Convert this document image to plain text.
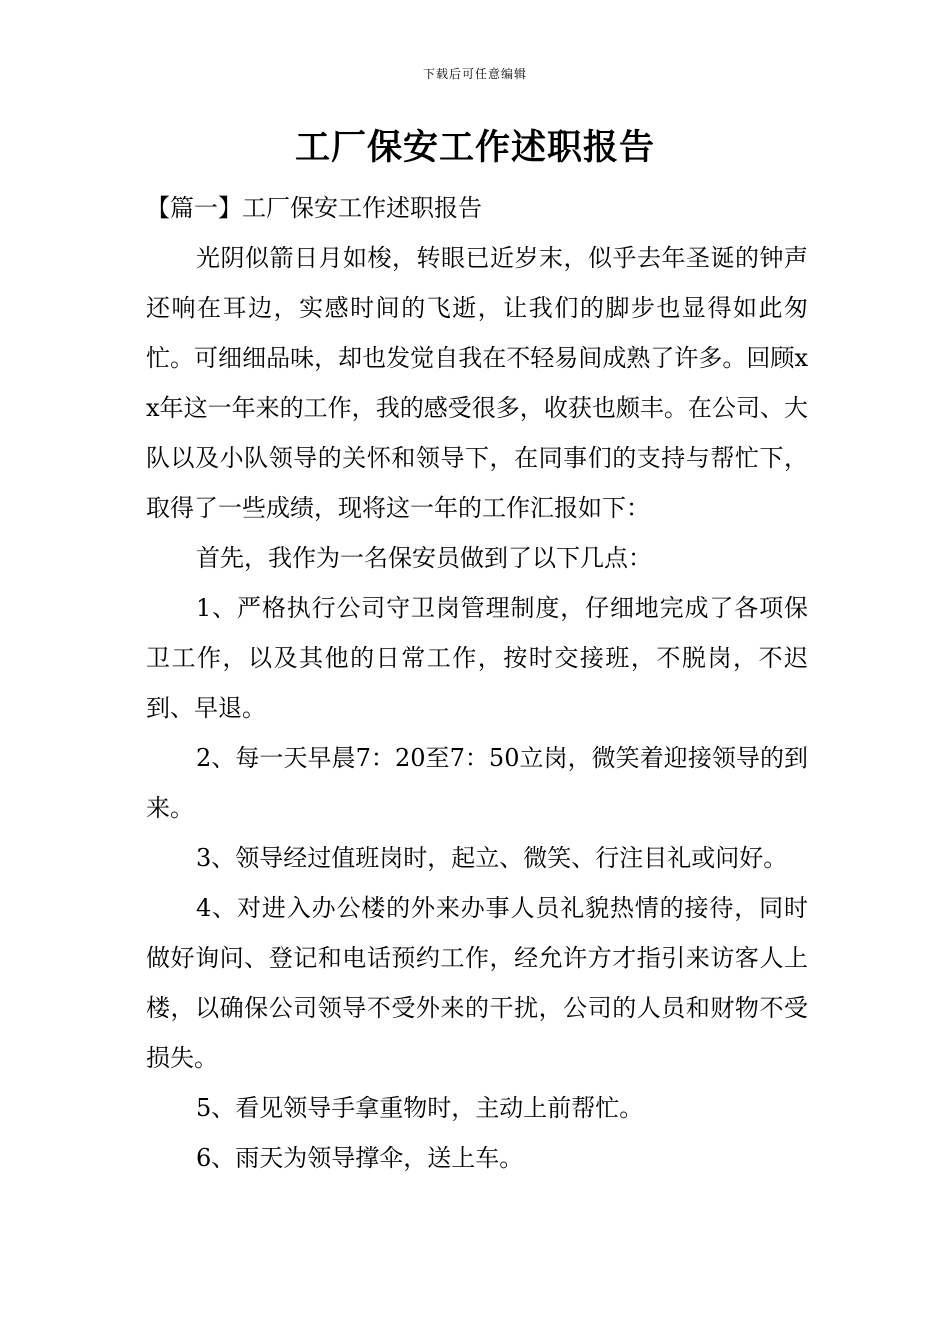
下载后可任意编辑
工厂保安工作述职报告

【篇一】工厂保安工作述职报告

光阴似箭日月如梭，转眼已近岁末，似乎去年圣诞的钟声还响在耳边，实感时间的飞逝，让我们的脚步也显得如此匆忙。可细细品味，却也发觉自我在不轻易间成熟了许多。回顾xx年这一年来的工作，我的感受很多，收获也颇丰。在公司、大队以及小队领导的关怀和领导下，在同事们的支持与帮忙下，取得了一些成绩，现将这一年的工作汇报如下：

首先，我作为一名保安员做到了以下几点：

1、严格执行公司守卫岗管理制度，仔细地完成了各项保卫工作，以及其他的日常工作，按时交接班，不脱岗，不迟到、早退。

2、每一天早晨7：20至7：50立岗，微笑着迎接领导的到来。

3、领导经过值班岗时，起立、微笑、行注目礼或问好。

4、对进入办公楼的外来办事人员礼貌热情的接待，同时做好询问、登记和电话预约工作，经允许方才指引来访客人上楼，以确保公司领导不受外来的干扰，公司的人员和财物不受损失。

5、看见领导手拿重物时，主动上前帮忙。

6、雨天为领导撑伞，送上车。
